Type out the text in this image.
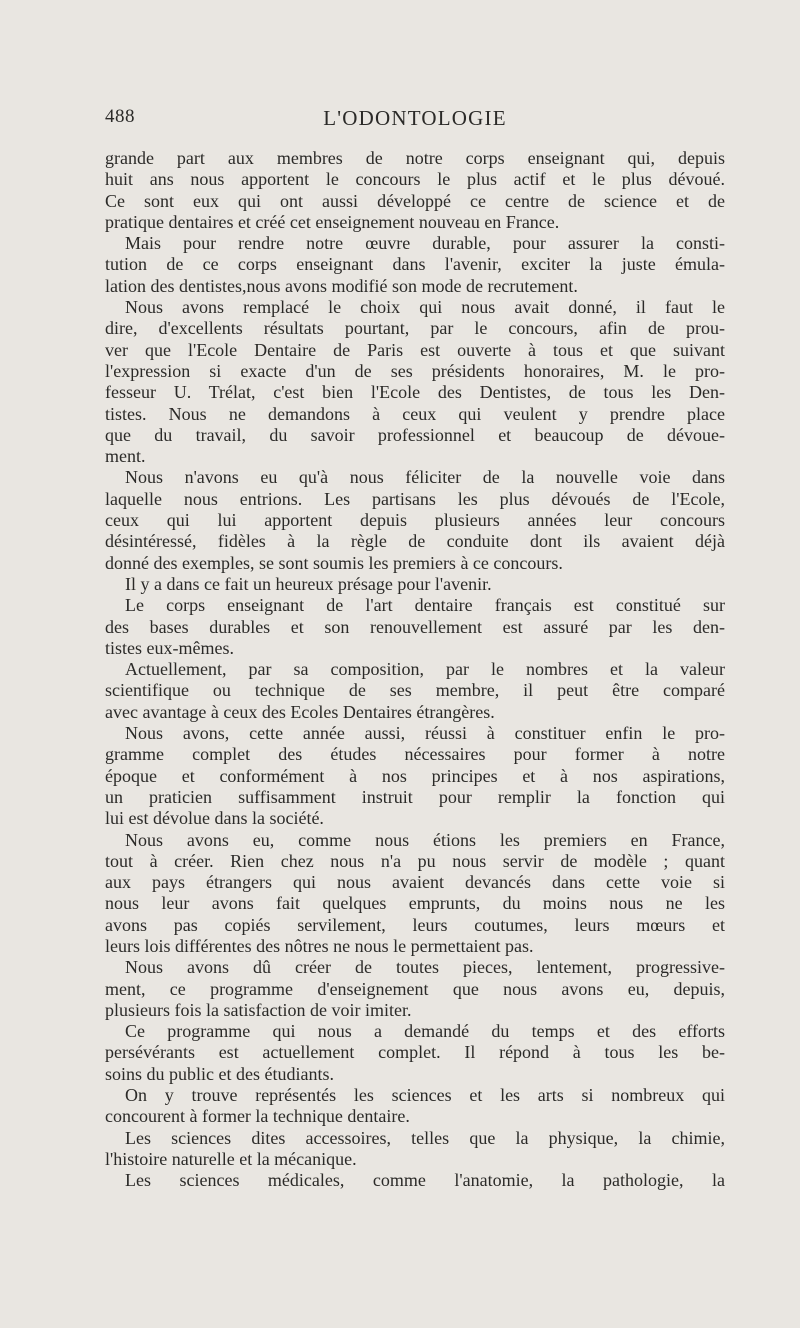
488	L'ODONTOLOGIE
grande part aux membres de notre corps enseignant qui, depuis
huit ans nous apportent le concours le plus actif et le plus dévoué.
Ce sont eux qui ont aussi développé ce centre de science et de
pratique dentaires et créé cet enseignement nouveau en France.
Mais pour rendre notre œuvre durable, pour assurer la consti-
tution de ce corps enseignant dans l'avenir, exciter la juste émula-
lation des dentistes,nous avons modifié son mode de recrutement.
Nous avons remplacé le choix qui nous avait donné, il faut le
dire, d'excellents résultats pourtant, par le concours, afin de prou-
ver que l'Ecole Dentaire de Paris est ouverte à tous et que suivant
l'expression si exacte d'un de ses présidents honoraires, M. le pro-
fesseur U. Trélat, c'est bien l'Ecole des Dentistes, de tous les Den-
tistes. Nous ne demandons à ceux qui veulent y prendre place
que du travail, du savoir professionnel et beaucoup de dévoue-
ment.
Nous n'avons eu qu'à nous féliciter de la nouvelle voie dans
laquelle nous entrions. Les partisans les plus dévoués de l'Ecole,
ceux qui lui apportent depuis plusieurs années leur concours
désintéressé, fidèles à la règle de conduite dont ils avaient déjà
donné des exemples, se sont soumis les premiers à ce concours.
Il y a dans ce fait un heureux présage pour l'avenir.
Le corps enseignant de l'art dentaire français est constitué sur
des bases durables et son renouvellement est assuré par les den-
tistes eux-mêmes.
Actuellement, par sa composition, par le nombres et la valeur
scientifique ou technique de ses membre, il peut être comparé
avec avantage à ceux des Ecoles Dentaires étrangères.
Nous avons, cette année aussi, réussi à constituer enfin le pro-
gramme complet des études nécessaires pour former à notre
époque et conformément à nos principes et à nos aspirations,
un praticien suffisamment instruit pour remplir la fonction qui
lui est dévolue dans la société.
Nous avons eu, comme nous étions les premiers en France,
tout à créer. Rien chez nous n'a pu nous servir de modèle ; quant
aux pays étrangers qui nous avaient devancés dans cette voie si
nous leur avons fait quelques emprunts, du moins nous ne les
avons pas copiés servilement, leurs coutumes, leurs mœurs et
leurs lois différentes des nôtres ne nous le permettaient pas.
Nous avons dû créer de toutes pieces, lentement, progressive-
ment, ce programme d'enseignement que nous avons eu, depuis,
plusieurs fois la satisfaction de voir imiter.
Ce programme qui nous a demandé du temps et des efforts
persévérants est actuellement complet. Il répond à tous les be-
soins du public et des étudiants.
On y trouve représentés les sciences et les arts si nombreux qui
concourent à former la technique dentaire.
Les sciences dites accessoires, telles que la physique, la chimie,
l'histoire naturelle et la mécanique.
Les sciences médicales, comme l'anatomie, la pathologie, la
